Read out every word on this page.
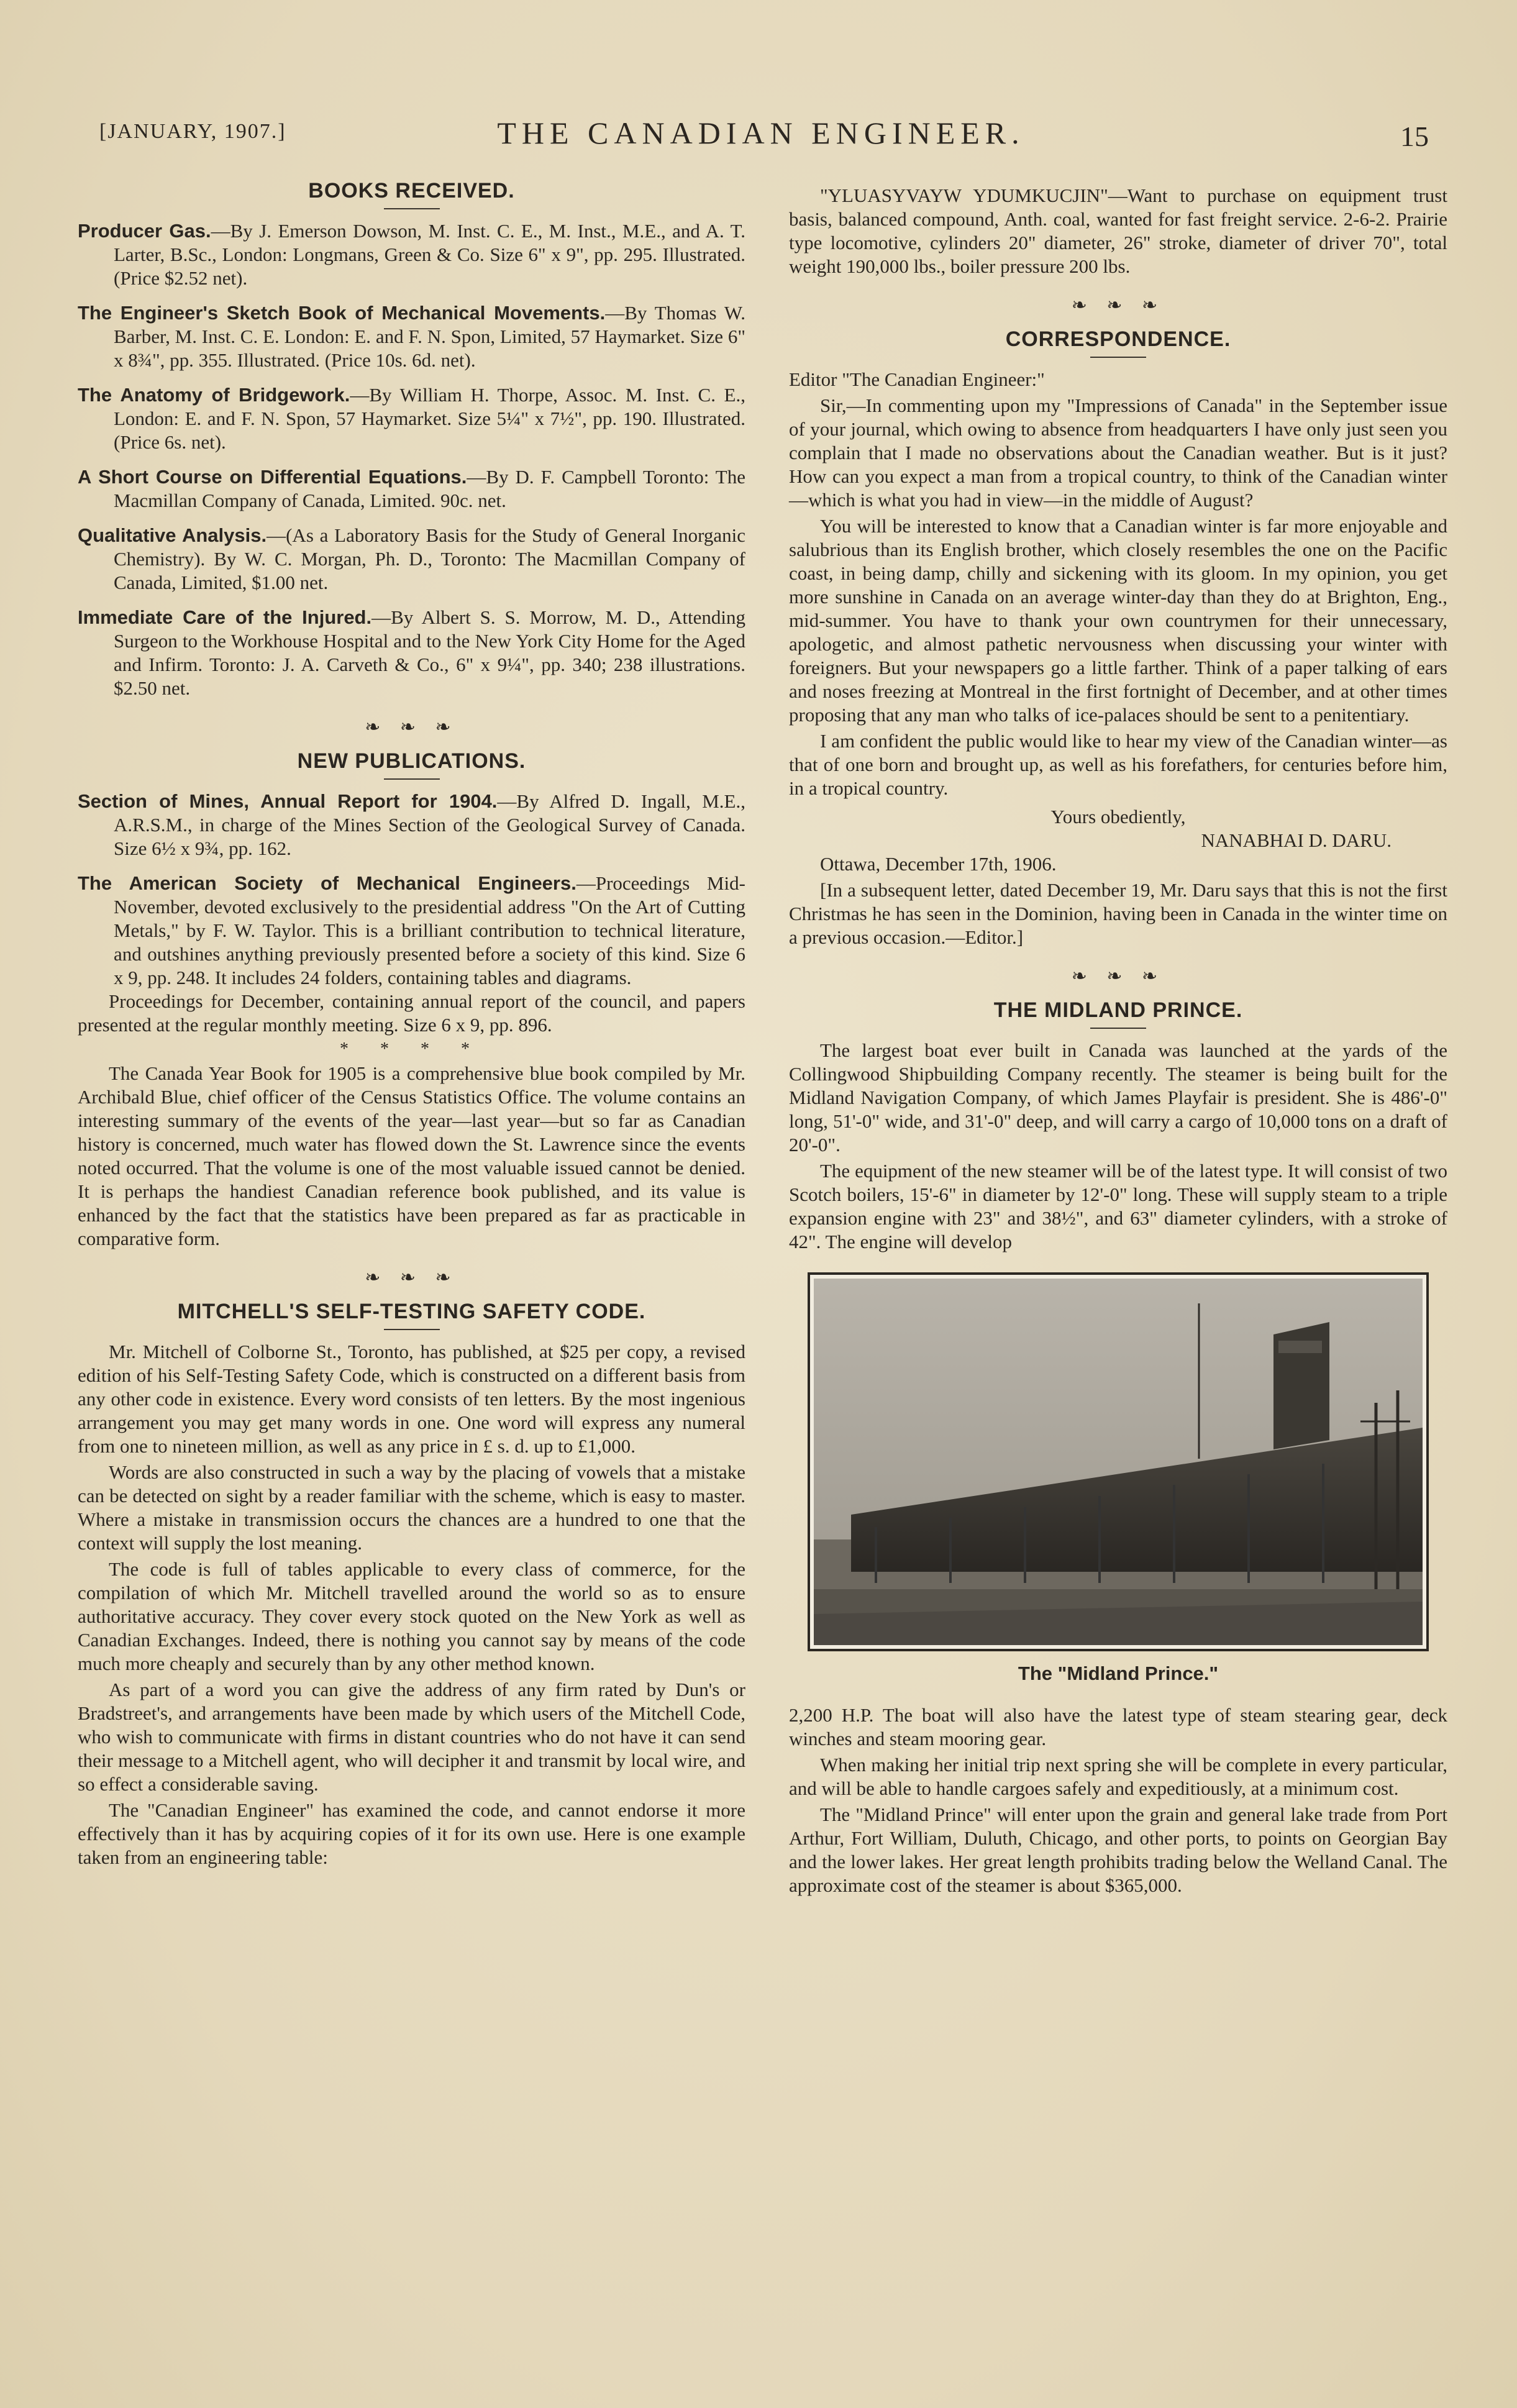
[JANUARY, 1907.]	THE CANADIAN ENGINEER.	15
BOOKS RECEIVED.

Producer Gas.—By J. Emerson Dowson, M. Inst. C. E., M. Inst., M.E., and A. T. Larter, B.Sc., London: Longmans, Green & Co. Size 6" x 9", pp. 295. Illustrated. (Price $2.52 net).

The Engineer's Sketch Book of Mechanical Movements.—By Thomas W. Barber, M. Inst. C. E. London: E. and F. N. Spon, Limited, 57 Haymarket. Size 6" x 8¾", pp. 355. Illustrated. (Price 10s. 6d. net).

The Anatomy of Bridgework.—By William H. Thorpe, Assoc. M. Inst. C. E., London: E. and F. N. Spon, 57 Haymarket. Size 5¼" x 7½", pp. 190. Illustrated. (Price 6s. net).

A Short Course on Differential Equations.—By D. F. Campbell Toronto: The Macmillan Company of Canada, Limited. 90c. net.

Qualitative Analysis.—(As a Laboratory Basis for the Study of General Inorganic Chemistry). By W. C. Morgan, Ph. D., Toronto: The Macmillan Company of Canada, Limited, $1.00 net.

Immediate Care of the Injured.—By Albert S. S. Morrow, M. D., Attending Surgeon to the Workhouse Hospital and to the New York City Home for the Aged and Infirm. Toronto: J. A. Carveth & Co., 6" x 9¼", pp. 340; 238 illustrations. $2.50 net.

❧ ❧ ❧
NEW PUBLICATIONS.

Section of Mines, Annual Report for 1904.—By Alfred D. Ingall, M.E., A.R.S.M., in charge of the Mines Section of the Geological Survey of Canada. Size 6½ x 9¾, pp. 162.

The American Society of Mechanical Engineers.—Proceedings Mid-November, devoted exclusively to the presidential address "On the Art of Cutting Metals," by F. W. Taylor. This is a brilliant contribution to technical literature, and outshines anything previously presented before a society of this kind. Size 6 x 9, pp. 248. It includes 24 folders, containing tables and diagrams.

Proceedings for December, containing annual report of the council, and papers presented at the regular monthly meeting. Size 6 x 9, pp. 896.

* * * *

The Canada Year Book for 1905 is a comprehensive blue book compiled by Mr. Archibald Blue, chief officer of the Census Statistics Office. The volume contains an interesting summary of the events of the year—last year—but so far as Canadian history is concerned, much water has flowed down the St. Lawrence since the events noted occurred. That the volume is one of the most valuable issued cannot be denied. It is perhaps the handiest Canadian reference book published, and its value is enhanced by the fact that the statistics have been prepared as far as practicable in comparative form.

❧ ❧ ❧
MITCHELL'S SELF-TESTING SAFETY CODE.

Mr. Mitchell of Colborne St., Toronto, has published, at $25 per copy, a revised edition of his Self-Testing Safety Code, which is constructed on a different basis from any other code in existence. Every word consists of ten letters. By the most ingenious arrangement you may get many words in one. One word will express any numeral from one to nineteen million, as well as any price in £ s. d. up to £1,000.

Words are also constructed in such a way by the placing of vowels that a mistake can be detected on sight by a reader familiar with the scheme, which is easy to master. Where a mistake in transmission occurs the chances are a hundred to one that the context will supply the lost meaning.

The code is full of tables applicable to every class of commerce, for the compilation of which Mr. Mitchell travelled around the world so as to ensure authoritative accuracy. They cover every stock quoted on the New York as well as Canadian Exchanges. Indeed, there is nothing you cannot say by means of the code much more cheaply and securely than by any other method known.

As part of a word you can give the address of any firm rated by Dun's or Bradstreet's, and arrangements have been made by which users of the Mitchell Code, who wish to communicate with firms in distant countries who do not have it can send their message to a Mitchell agent, who will decipher it and transmit by local wire, and so effect a considerable saving.

The "Canadian Engineer" has examined the code, and cannot endorse it more effectively than it has by acquiring copies of it for its own use. Here is one example taken from an engineering table:

"YLUASYVAYW YDUMKUCJIN"—Want to purchase on equipment trust basis, balanced compound, Anth. coal, wanted for fast freight service. 2-6-2. Prairie type locomotive, cylinders 20" diameter, 26" stroke, diameter of driver 70", total weight 190,000 lbs., boiler pressure 200 lbs.

❧ ❧ ❧
CORRESPONDENCE.

Editor "The Canadian Engineer:"

Sir,—In commenting upon my "Impressions of Canada" in the September issue of your journal, which owing to absence from headquarters I have only just seen you complain that I made no observations about the Canadian weather. But is it just? How can you expect a man from a tropical country, to think of the Canadian winter—which is what you had in view—in the middle of August?

You will be interested to know that a Canadian winter is far more enjoyable and salubrious than its English brother, which closely resembles the one on the Pacific coast, in being damp, chilly and sickening with its gloom. In my opinion, you get more sunshine in Canada on an average winter-day than they do at Brighton, Eng., mid-summer. You have to thank your own countrymen for their unnecessary, apologetic, and almost pathetic nervousness when discussing your winter with foreigners. But your newspapers go a little farther. Think of a paper talking of ears and noses freezing at Montreal in the first fortnight of December, and at other times proposing that any man who talks of ice-palaces should be sent to a penitentiary.

I am confident the public would like to hear my view of the Canadian winter—as that of one born and brought up, as well as his forefathers, for centuries before him, in a tropical country.

Yours obediently,

NANABHAI D. DARU.

Ottawa, December 17th, 1906.

[In a subsequent letter, dated December 19, Mr. Daru says that this is not the first Christmas he has seen in the Dominion, having been in Canada in the winter time on a previous occasion.—Editor.]

❧ ❧ ❧
THE MIDLAND PRINCE.

The largest boat ever built in Canada was launched at the yards of the Collingwood Shipbuilding Company recently. The steamer is being built for the Midland Navigation Company, of which James Playfair is president. She is 486'-0" long, 51'-0" wide, and 31'-0" deep, and will carry a cargo of 10,000 tons on a draft of 20'-0".

The equipment of the new steamer will be of the latest type. It will consist of two Scotch boilers, 15'-6" in diameter by 12'-0" long. These will supply steam to a triple expansion engine with 23" and 38½", and 63" diameter cylinders, with a stroke of 42". The engine will develop

The "Midland Prince."

2,200 H.P. The boat will also have the latest type of steam stearing gear, deck winches and steam mooring gear.

When making her initial trip next spring she will be complete in every particular, and will be able to handle cargoes safely and expeditiously, at a minimum cost.

The "Midland Prince" will enter upon the grain and general lake trade from Port Arthur, Fort William, Duluth, Chicago, and other ports, to points on Georgian Bay and the lower lakes. Her great length prohibits trading below the Welland Canal. The approximate cost of the steamer is about $365,000.
